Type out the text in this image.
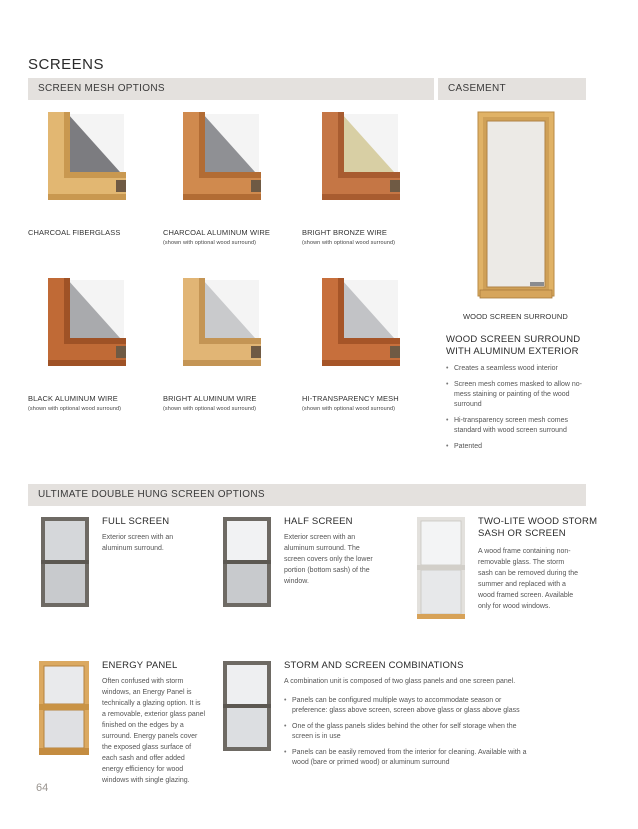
SCREENS
SCREEN MESH OPTIONS	CASEMENT
CHARCOAL FIBERGLASS	CHARCOAL ALUMINUM WIRE
(shown with optional wood surround)
BRIGHT BRONZE WIRE
(shown with optional wood surround)
BLACK ALUMINUM WIRE
(shown with optional wood surround)
BRIGHT ALUMINUM WIRE
(shown with optional wood surround)
HI-TRANSPARENCY MESH
(shown with optional wood surround)
WOOD SCREEN SURROUND
WOOD SCREEN SURROUND
WITH ALUMINUM EXTERIOR
• Creates a seamless wood interior
• Screen mesh comes masked to allow no-mess staining or painting of the wood surround
• Hi-transparency screen mesh comes standard with wood screen surround
• Patented
ULTIMATE DOUBLE HUNG SCREEN OPTIONS
FULL SCREEN
Exterior screen with an aluminum surround.
HALF SCREEN
Exterior screen with an aluminum surround. The screen covers only the lower portion (bottom sash) of the window.
TWO-LITE WOOD STORM
SASH OR SCREEN
A wood frame containing non-removable glass. The storm sash can be removed during the summer and replaced with a wood framed screen. Available only for wood windows.
ENERGY PANEL
Often confused with storm windows, an Energy Panel is technically a glazing option. It is a removable, exterior glass panel finished on the edges by a surround. Energy panels cover the exposed glass surface of each sash and offer added energy efficiency for wood windows with single glazing.
STORM AND SCREEN COMBINATIONS
A combination unit is composed of two glass panels and one screen panel.
• Panels can be configured multiple ways to accommodate season or preference: glass above screen, screen above glass or glass above glass
• One of the glass panels slides behind the other for self storage when the screen is in use
• Panels can be easily removed from the interior for cleaning. Available with a wood (bare or primed wood) or aluminum surround
64
